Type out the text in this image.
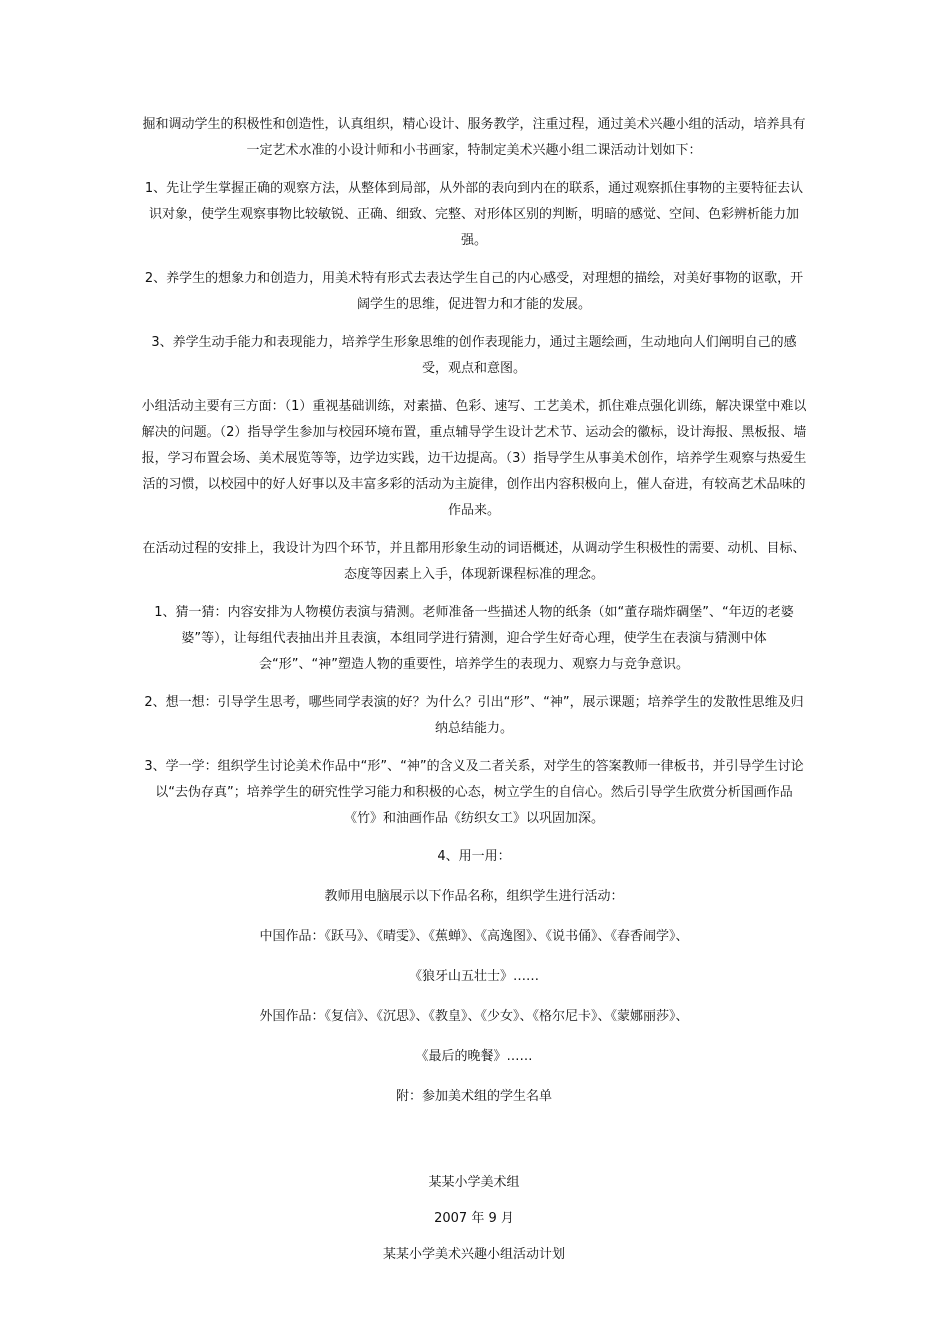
掘和调动学生的积极性和创造性，认真组织，精心设计、服务教学，注重过程，通过美术兴趣小组的活动，培养具有一定艺术水准的小设计师和小书画家，特制定美术兴趣小组二课活动计划如下：

1、先让学生掌握正确的观察方法，从整体到局部，从外部的表向到内在的联系，通过观察抓住事物的主要特征去认识对象，使学生观察事物比较敏锐、正确、细致、完整、对形体区别的判断，明暗的感觉、空间、色彩辨析能力加强。

2、养学生的想象力和创造力，用美术特有形式去表达学生自己的内心感受，对理想的描绘，对美好事物的讴歌，开阔学生的思维，促进智力和才能的发展。

3、养学生动手能力和表现能力，培养学生形象思维的创作表现能力，通过主题绘画，生动地向人们阐明自己的感受，观点和意图。

小组活动主要有三方面：（1）重视基础训练，对素描、色彩、速写、工艺美术，抓住难点强化训练，解决课堂中难以解决的问题。（2）指导学生参加与校园环境布置，重点辅导学生设计艺术节、运动会的徽标，设计海报、黑板报、墙报，学习布置会场、美术展览等等，边学边实践，边干边提高。（3）指导学生从事美术创作，培养学生观察与热爱生活的习惯，以校园中的好人好事以及丰富多彩的活动为主旋律，创作出内容积极向上，催人奋进，有较高艺术品味的作品来。

在活动过程的安排上，我设计为四个环节，并且都用形象生动的词语概述，从调动学生积极性的需要、动机、目标、态度等因素上入手，体现新课程标准的理念。

1、猜一猜：内容安排为人物模仿表演与猜测。老师准备一些描述人物的纸条（如“董存瑞炸碉堡”、“年迈的老婆婆”等），让每组代表抽出并且表演，本组同学进行猜测，迎合学生好奇心理，使学生在表演与猜测中体会“形”、“神”塑造人物的重要性，培养学生的表现力、观察力与竞争意识。

2、想一想：引导学生思考，哪些同学表演的好？为什么？引出“形”、“神”，展示课题；培养学生的发散性思维及归纳总结能力。

3、学一学：组织学生讨论美术作品中“形”、“神”的含义及二者关系，对学生的答案教师一律板书，并引导学生讨论以“去伪存真”；培养学生的研究性学习能力和积极的心态，树立学生的自信心。然后引导学生欣赏分析国画作品《竹》和油画作品《纺织女工》以巩固加深。

4、用一用：

教师用电脑展示以下作品名称，组织学生进行活动：

中国作品：《跃马》、《晴雯》、《蕉蝉》、《高逸图》、《说书俑》、《春香闹学》、

《狼牙山五壮士》……

外国作品：《复信》、《沉思》、《教皇》、《少女》、《格尔尼卡》、《蒙娜丽莎》、

《最后的晚餐》……

附：参加美术组的学生名单

某某小学美术组

2007 年 9 月

某某小学美术兴趣小组活动计划
